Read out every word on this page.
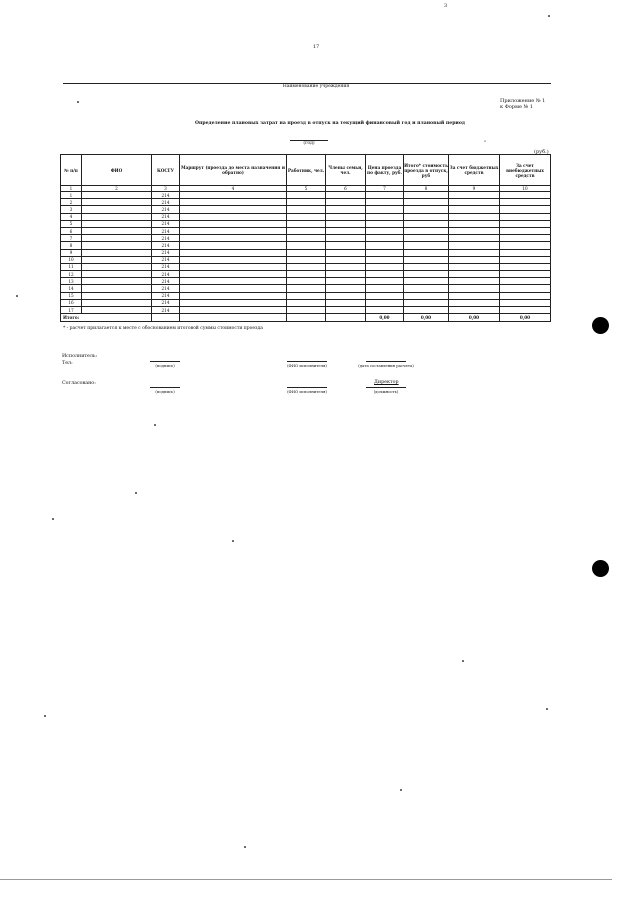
3
17
Наименование учреждения
Приложение № 1
к Форме № 1
Определение плановых затрат на проезд в отпуск на текущий финансовый год и плановый период
(год)	"
(руб.)
№ п/п	ФИО	КОСГУ	Маршрут (проезда до места назначения и обратно)	Работник, чел.	Члены семьи, чел.	Цена проезда по факту, руб.	Итого* стоимость проезда в отпуск, руб	За счет бюджетных средств	За счет внебюджетных средств
1	2	3	4	5	6	7	8	9	10
1		214							
2		214							
3		214							
4		214							
5		214							
6		214							
7		214							
8		214							
9		214							
10		214							
11		214							
12		214							
13		214							
14		214							
15		214							
16		214							
17		214							
Итого:						0,00	0,00	0,00	0,00
* - расчет прилагается к месте с обоснованием итоговой суммы стоимости проезда
Исполнитель:
Тел:	(подпись)	(ФИО исполнителя)	(дата составления расчета)
Согласовано:
(подпись)	(ФИО исполнителя)
Директор
(должность)
